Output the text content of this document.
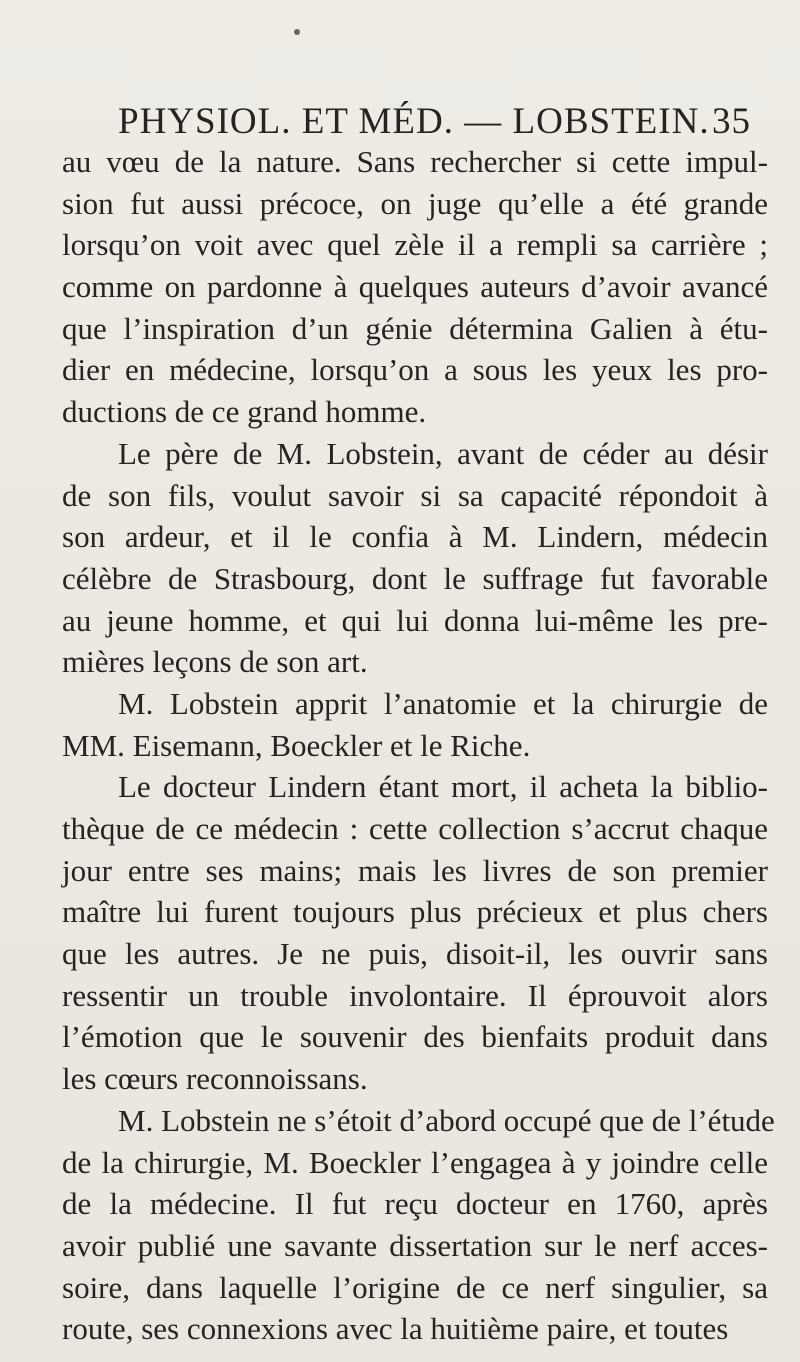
PHYSIOL. ET MÉD. — LOBSTEIN. 35
au vœu de la nature. Sans rechercher si cette impul-
sion fut aussi précoce, on juge qu’elle a été grande
lorsqu’on voit avec quel zèle il a rempli sa carrière ;
comme on pardonne à quelques auteurs d’avoir avancé
que l’inspiration d’un génie détermina Galien à étu-
dier en médecine, lorsqu’on a sous les yeux les pro-
ductions de ce grand homme.
Le père de M. Lobstein, avant de céder au désir
de son fils, voulut savoir si sa capacité répondoit à
son ardeur, et il le confia à M. Lindern, médecin
célèbre de Strasbourg, dont le suffrage fut favorable
au jeune homme, et qui lui donna lui-même les pre-
mières leçons de son art.
M. Lobstein apprit l’anatomie et la chirurgie de
MM. Eisemann, Boeckler et le Riche.
Le docteur Lindern étant mort, il acheta la biblio-
thèque de ce médecin : cette collection s’accrut chaque
jour entre ses mains; mais les livres de son premier
maître lui furent toujours plus précieux et plus chers
que les autres. Je ne puis, disoit-il, les ouvrir sans
ressentir un trouble involontaire. Il éprouvoit alors
l’émotion que le souvenir des bienfaits produit dans
les cœurs reconnoissans.
M. Lobstein ne s’étoit d’abord occupé que de l’étude
de la chirurgie, M. Boeckler l’engagea à y joindre celle
de la médecine. Il fut reçu docteur en 1760, après
avoir publié une savante dissertation sur le nerf acces-
soire, dans laquelle l’origine de ce nerf singulier, sa
route, ses connexions avec la huitième paire, et toutes
